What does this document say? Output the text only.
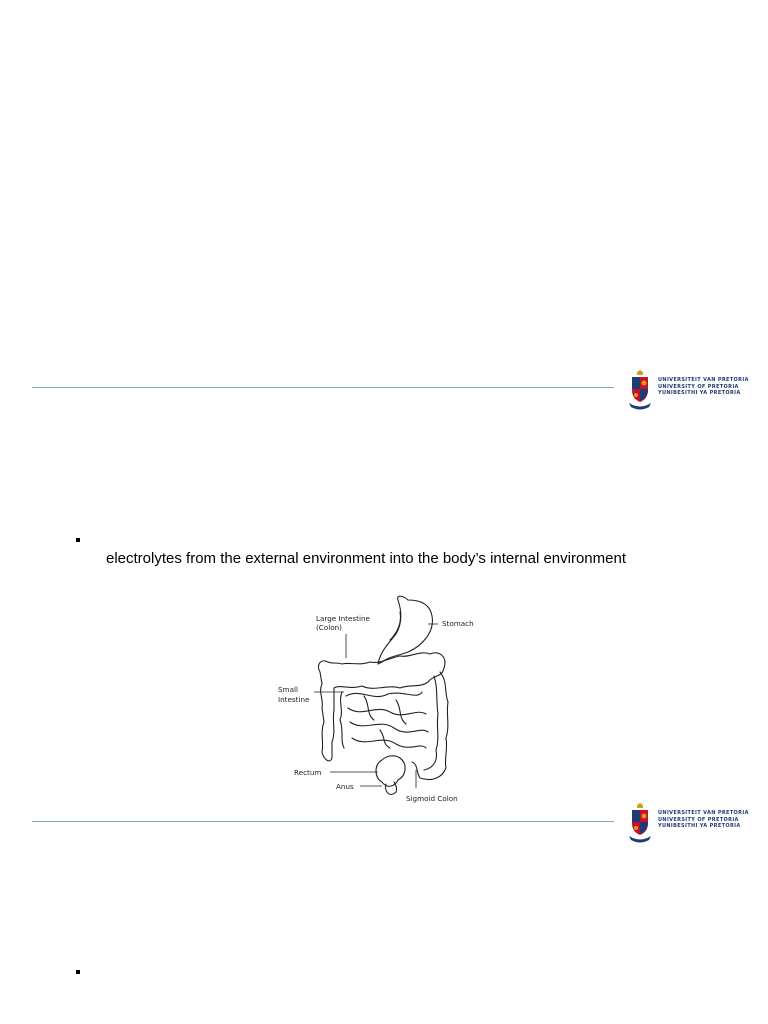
UNIVERSITEIT VAN PRETORIA
UNIVERSITY OF PRETORIA
YUNIBESITHI YA PRETORIA
electrolytes from the external environment into the body’s internal environment
Large Intestine
(Colon)	Stomach
Small
Intestine
Rectum
Anus
Sigmoid Colon
UNIVERSITEIT VAN PRETORIA
UNIVERSITY OF PRETORIA
YUNIBESITHI YA PRETORIA
